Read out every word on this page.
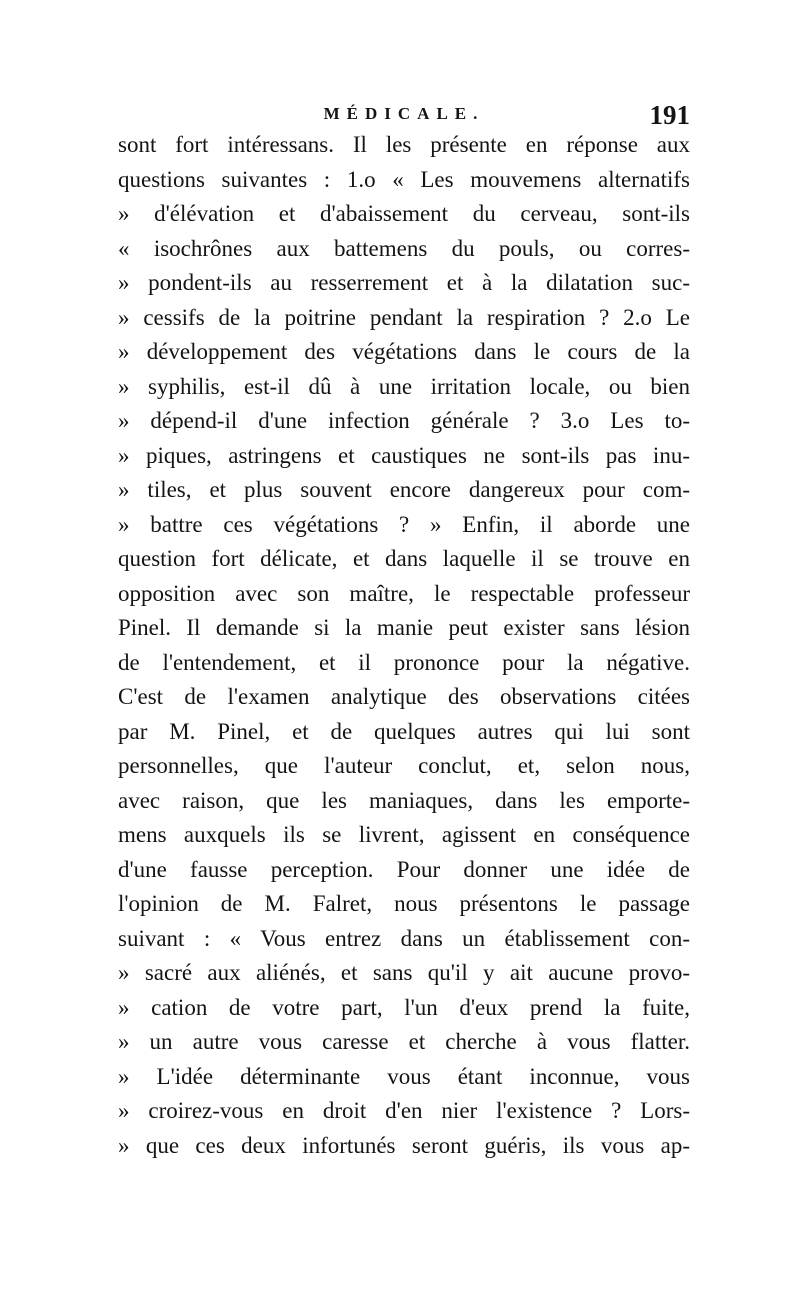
MÉDICALE.	191
sont fort intéressans. Il les présente en réponse aux
questions suivantes : 1.o « Les mouvemens alternatifs
» d'élévation et d'abaissement du cerveau, sont-ils
« isochrônes aux battemens du pouls, ou corres-
» pondent-ils au resserrement et à la dilatation suc-
» cessifs de la poitrine pendant la respiration ? 2.o Le
» développement des végétations dans le cours de la
» syphilis, est-il dû à une irritation locale, ou bien
» dépend-il d'une infection générale ? 3.o Les to-
» piques, astringens et caustiques ne sont-ils pas inu-
» tiles, et plus souvent encore dangereux pour com-
» battre ces végétations ? » Enfin, il aborde une
question fort délicate, et dans laquelle il se trouve en
opposition avec son maître, le respectable professeur
Pinel. Il demande si la manie peut exister sans lésion
de l'entendement, et il prononce pour la négative.
C'est de l'examen analytique des observations citées
par M. Pinel, et de quelques autres qui lui sont
personnelles, que l'auteur conclut, et, selon nous,
avec raison, que les maniaques, dans les emporte-
mens auxquels ils se livrent, agissent en conséquence
d'une fausse perception. Pour donner une idée de
l'opinion de M. Falret, nous présentons le passage
suivant : « Vous entrez dans un établissement con-
» sacré aux aliénés, et sans qu'il y ait aucune provo-
» cation de votre part, l'un d'eux prend la fuite,
» un autre vous caresse et cherche à vous flatter.
» L'idée déterminante vous étant inconnue, vous
» croirez-vous en droit d'en nier l'existence ? Lors-
» que ces deux infortunés seront guéris, ils vous ap-
